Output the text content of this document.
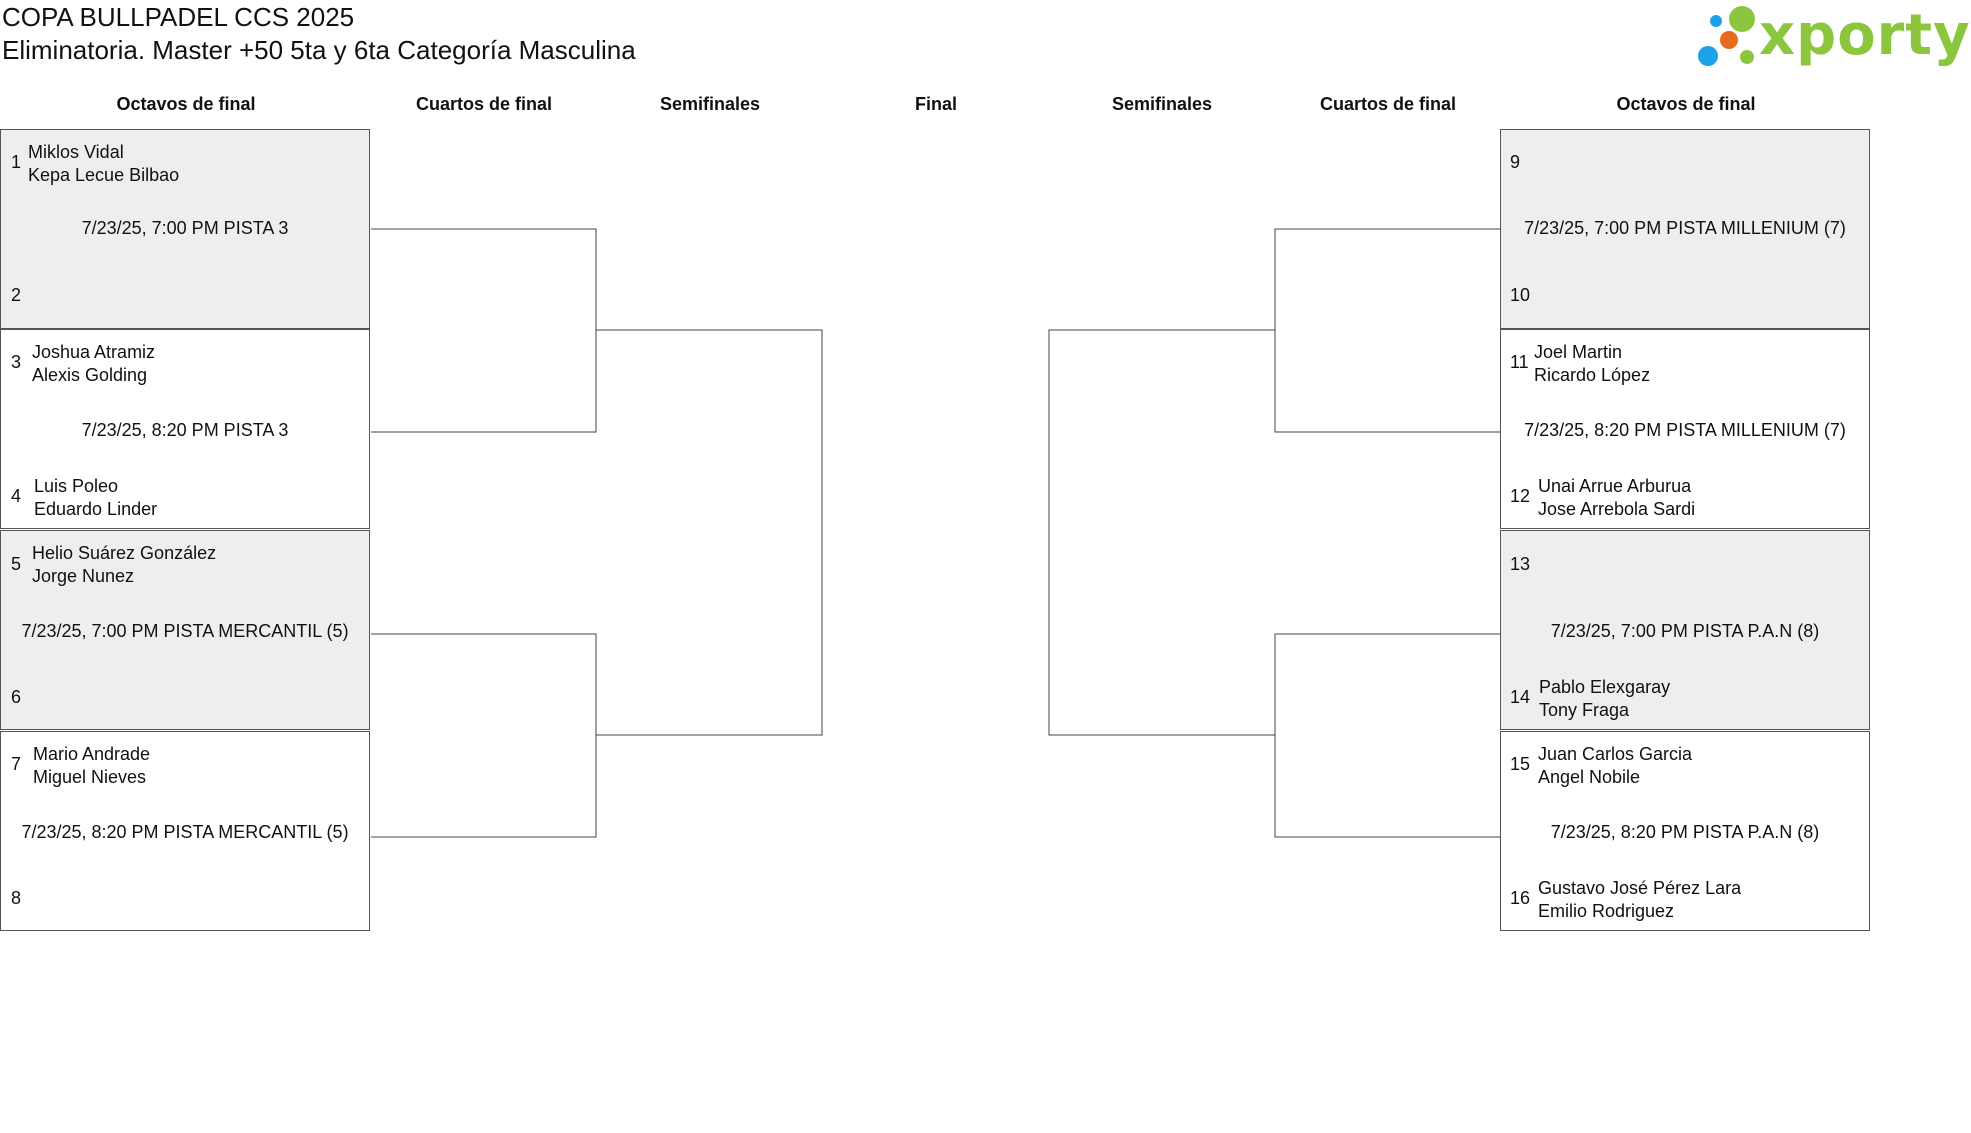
COPA BULLPADEL CCS 2025
Eliminatoria. Master +50 5ta y 6ta Categoría Masculina	xporty
Octavos de final	Cuartos de final	Semifinales	Final	Semifinales	Cuartos de final	Octavos de final
1 Miklos Vidal
Kepa Lecue Bilbao
7/23/25, 7:00 PM PISTA 3
2
3 Joshua Atramiz
Alexis Golding
7/23/25, 8:20 PM PISTA 3
4 Luis Poleo
Eduardo Linder
5
Helio Suárez González
Jorge Nunez
7/23/25, 7:00 PM PISTA MERCANTIL (5)
6
7 Mario Andrade
Miguel Nieves
7/23/25, 8:20 PM PISTA MERCANTIL (5)
8
9
7/23/25, 7:00 PM PISTA MILLENIUM (7)
10
11 Joel Martin
Ricardo López
7/23/25, 8:20 PM PISTA MILLENIUM (7)
12 Unai Arrue Arburua
Jose Arrebola Sardi
13
7/23/25, 7:00 PM PISTA P.A.N (8)
14 Pablo Elexgaray
Tony Fraga
15 Juan Carlos Garcia
Angel Nobile
7/23/25, 8:20 PM PISTA P.A.N (8)
16 Gustavo José Pérez Lara
Emilio Rodriguez
